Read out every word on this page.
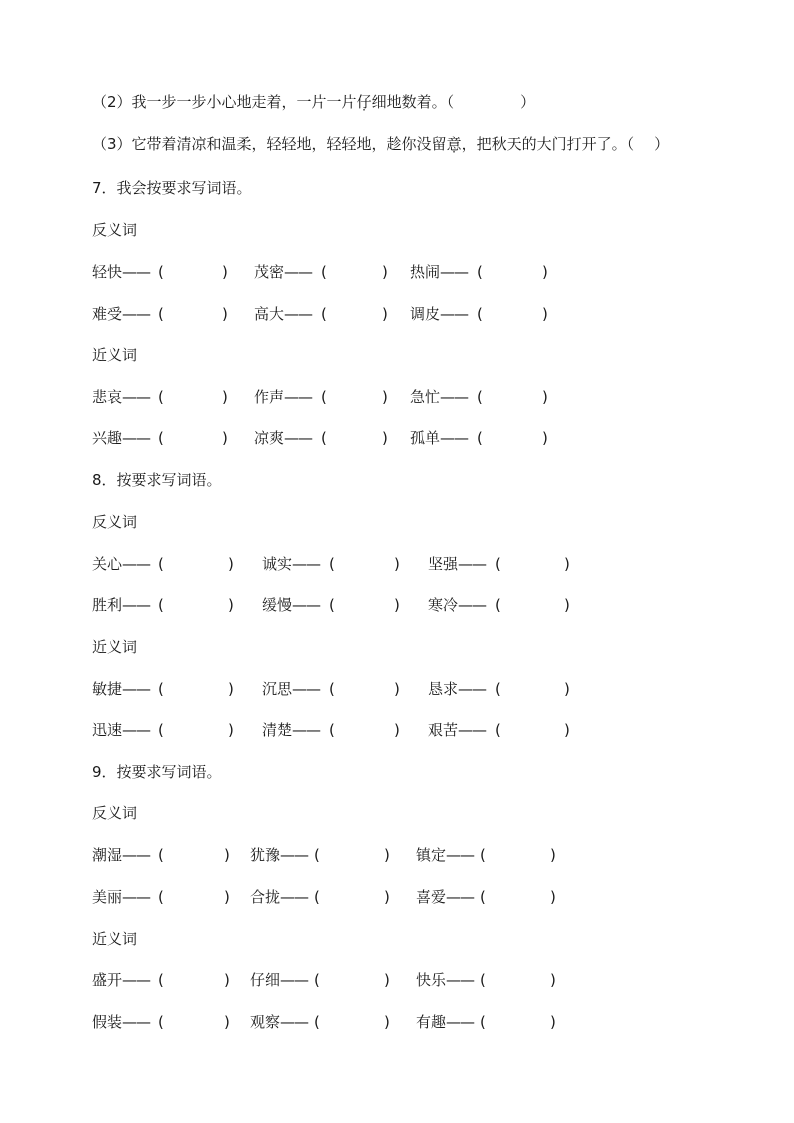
（2）我一步一步小心地走着，一片一片仔细地数着。（	）
（3）它带着清凉和温柔，轻轻地，轻轻地，趁你没留意，把秋天的大门打开了。（ ）
7．我会按要求写词语。
反义词
轻快—— (	) 茂密—— (	) 热闹—— (	)
难受—— (	) 高大—— (	) 调皮—— (	)
近义词
悲哀—— (	) 作声—— (	) 急忙—— (	)
兴趣—— (	) 凉爽—— (	) 孤单—— (	)
8．按要求写词语。
反义词
关心—— (	) 诚实—— (	) 坚强—— (	)
胜利—— (	) 缓慢—— (	) 寒冷—— (	)
近义词
敏捷—— (	) 沉思—— (	) 恳求—— (	)
迅速—— (	) 清楚—— (	) 艰苦—— (	)
9．按要求写词语。
反义词
潮湿—— (	) 犹豫—— (	) 镇定—— (	)
美丽—— (	) 合拢—— (	) 喜爱—— (	)
近义词
盛开—— (	) 仔细—— (	) 快乐—— (	)
假装—— (	) 观察—— (	) 有趣—— (	)
